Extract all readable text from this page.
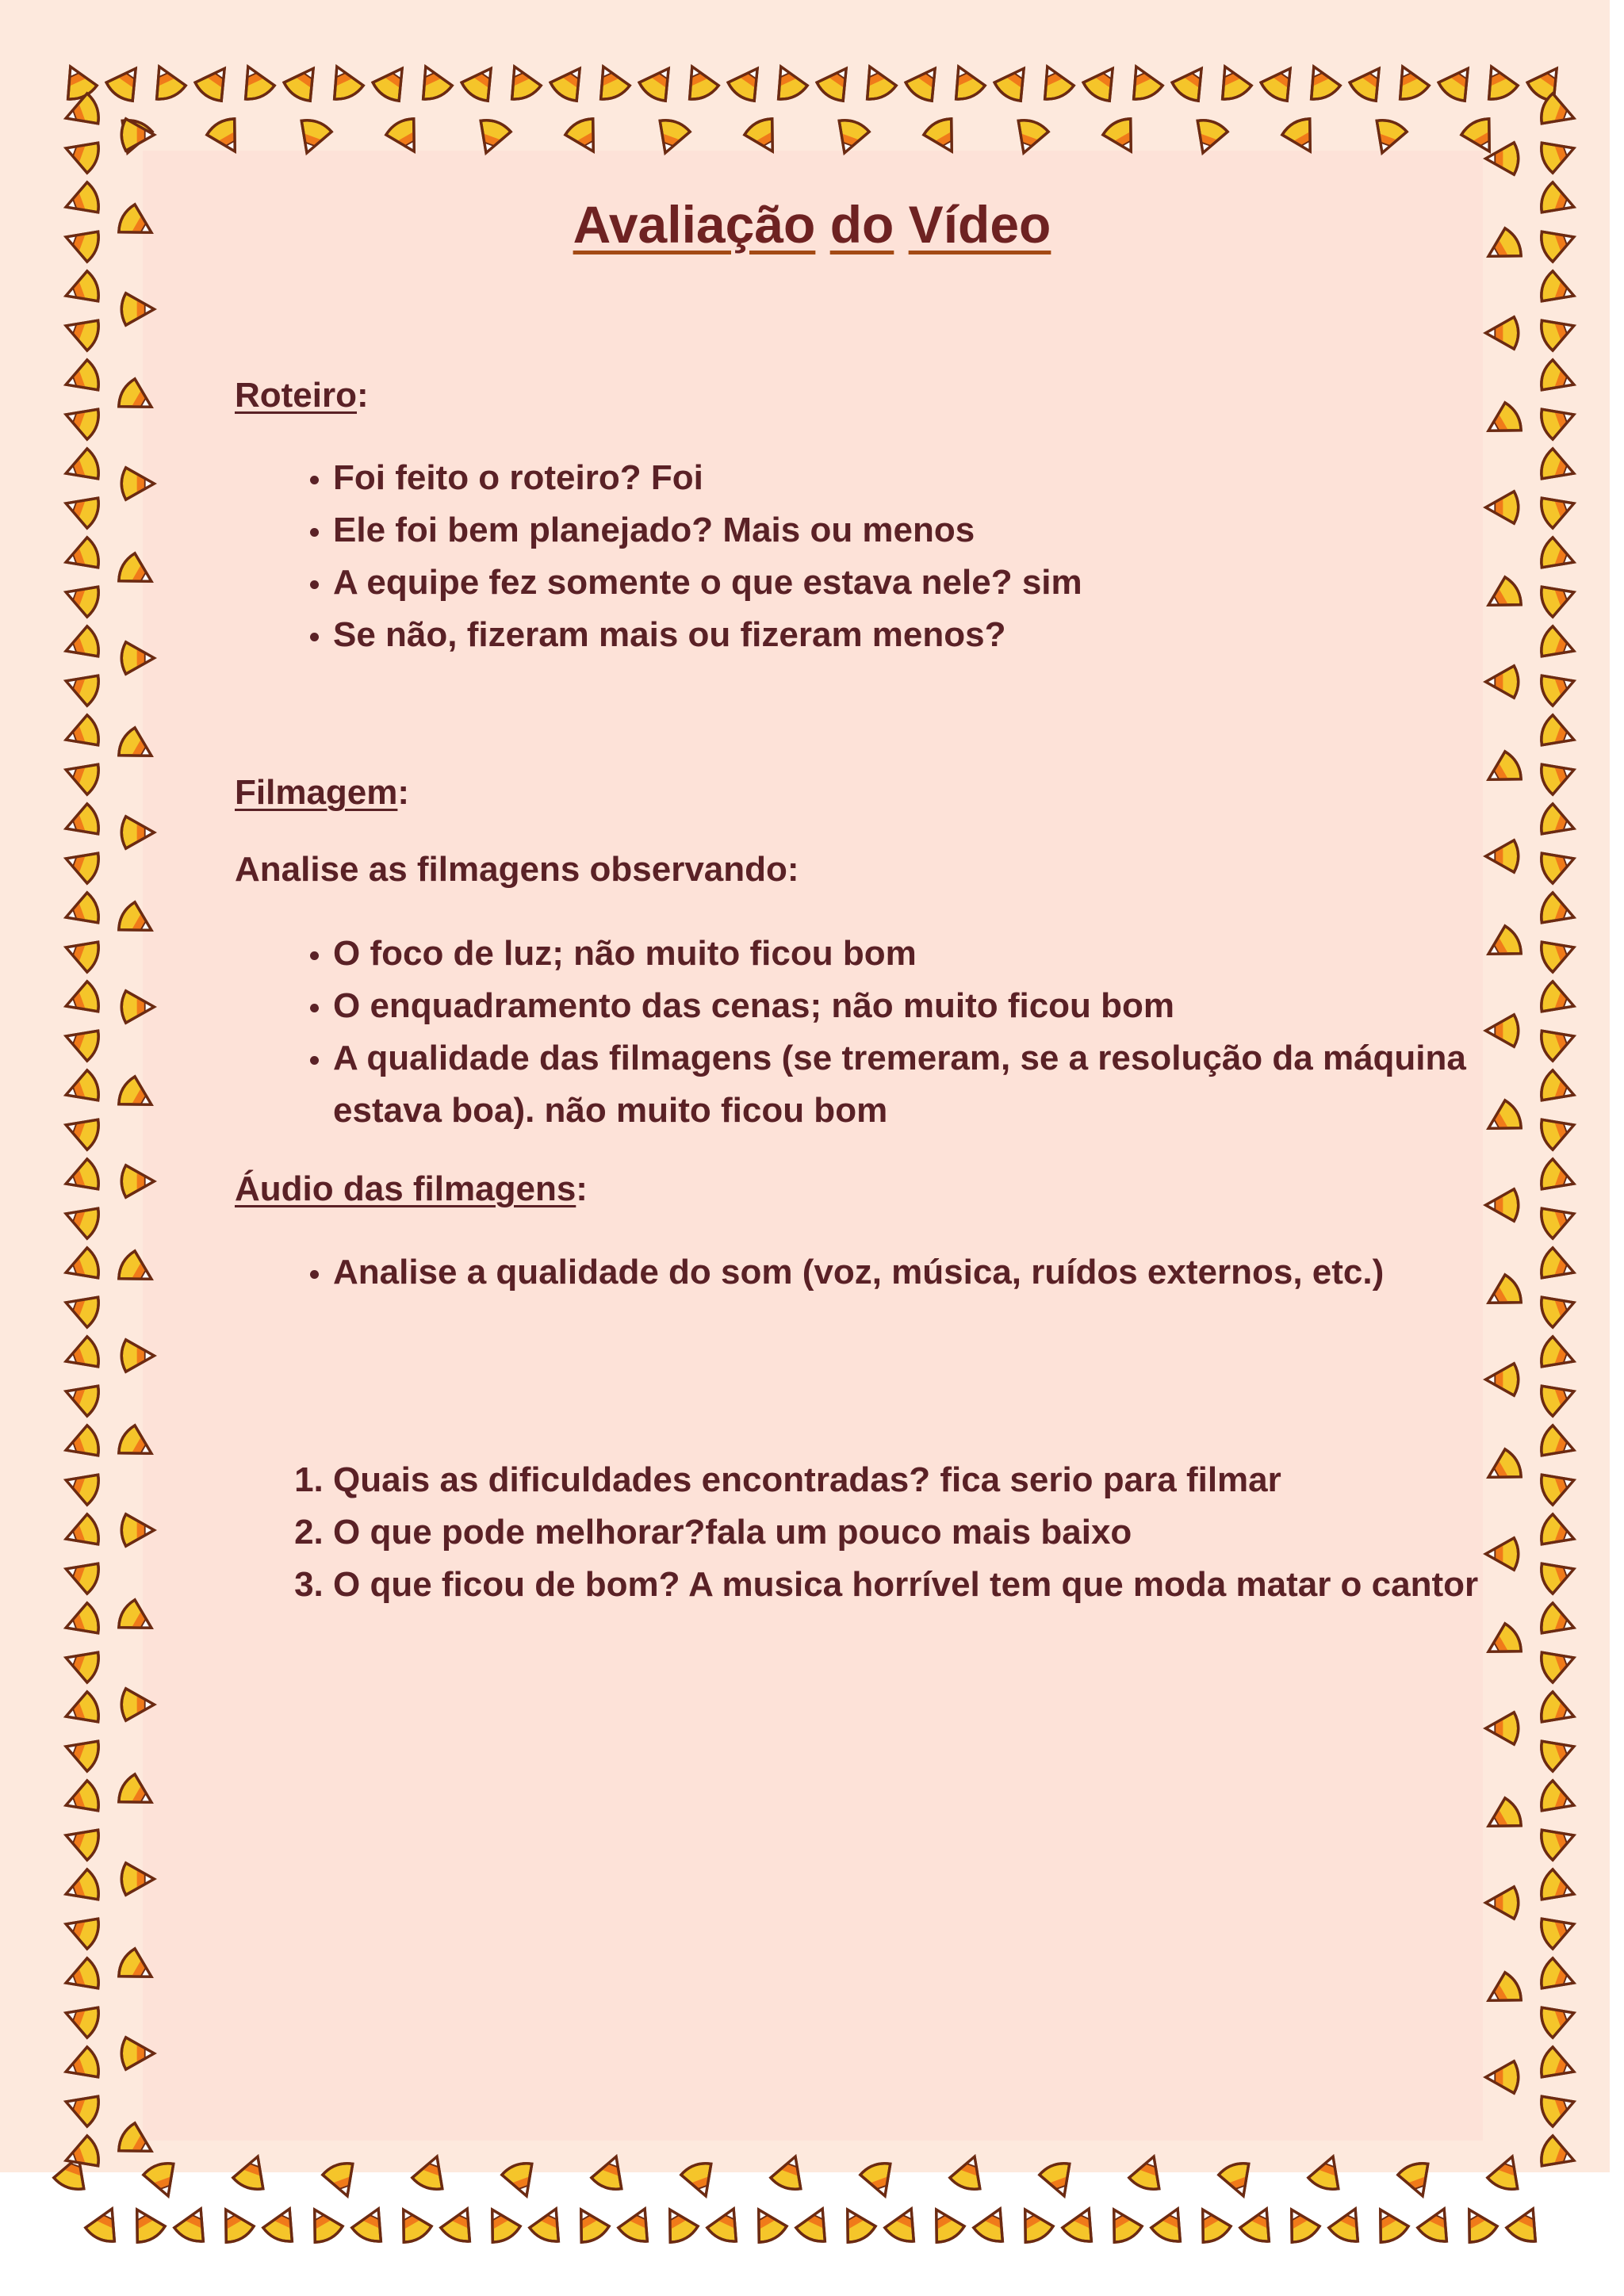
Avaliação do Vídeo
Roteiro:
• Foi feito o roteiro? Foi
• Ele foi bem planejado? Mais ou menos
• A equipe fez somente o que estava nele? sim
• Se não, fizeram mais ou fizeram menos?
Filmagem:
Analise as filmagens observando:
• O foco de luz; não muito ficou bom
• O enquadramento das cenas; não muito ficou bom
• A qualidade das filmagens (se tremeram, se a resolução da máquina estava boa). não muito ficou bom
Áudio das filmagens:
• Analise a qualidade do som (voz, música, ruídos externos, etc.)
1. Quais as dificuldades encontradas? fica serio para filmar
2. O que pode melhorar?fala um pouco mais baixo
3. O que ficou de bom? A musica horrível tem que moda matar o cantor
